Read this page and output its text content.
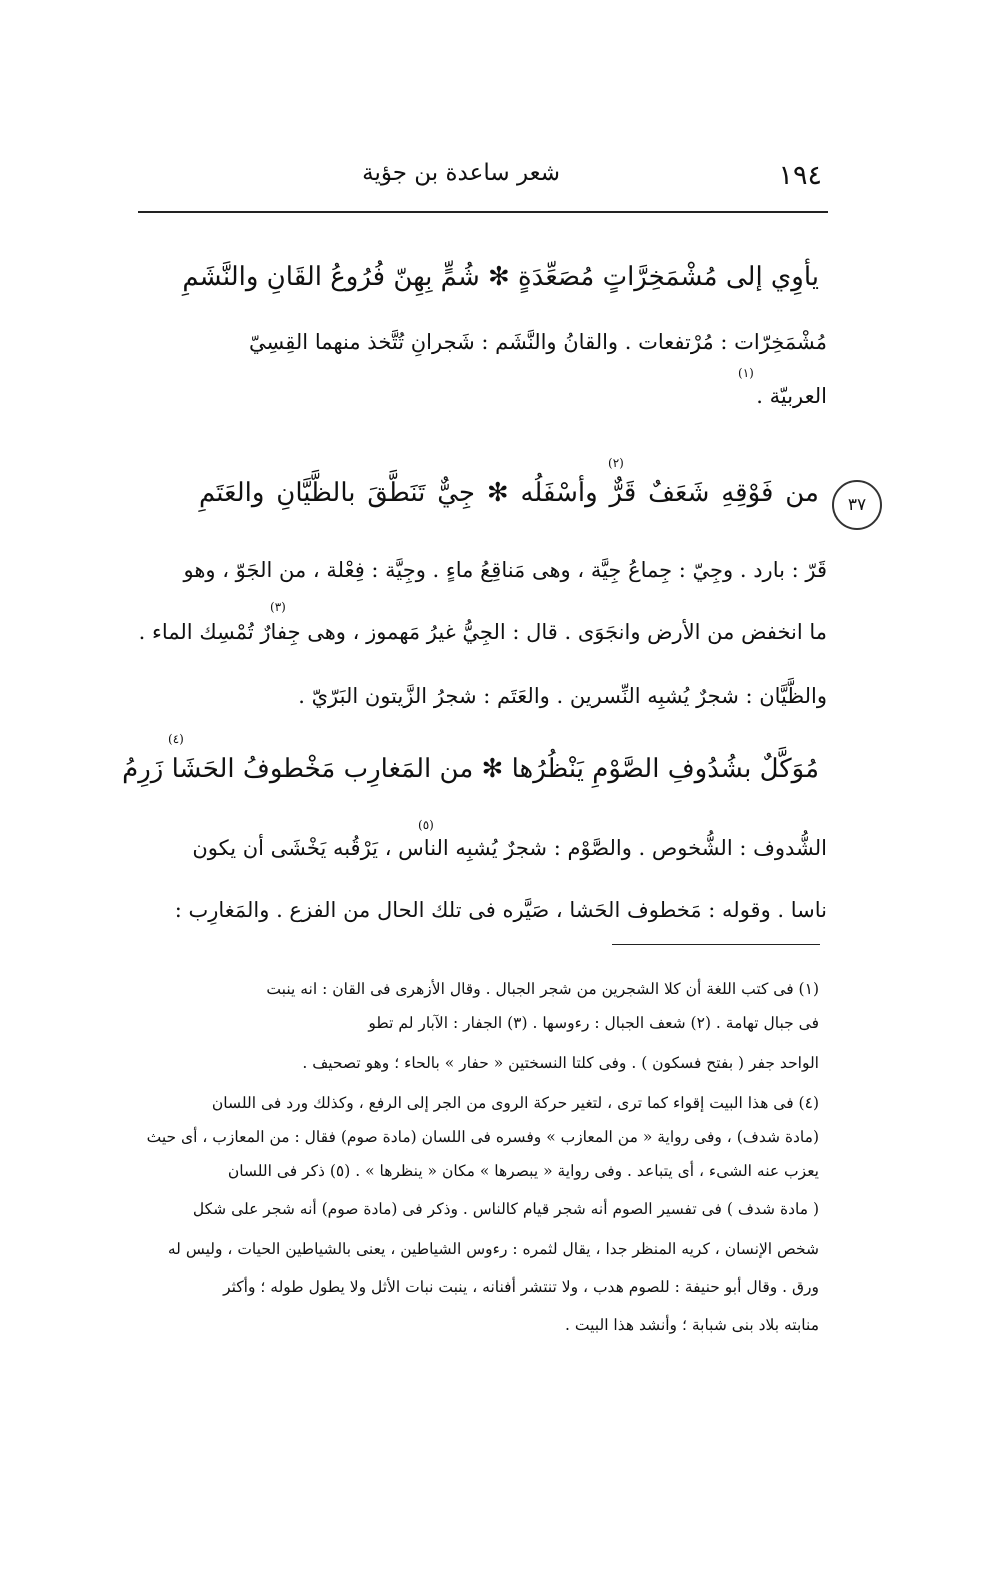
١٩٤
شعر ساعدة بن جؤية
يأوِي إلى مُشْمَخِرَّاتٍ مُصَعِّدَةٍ ✻ شُمٍّ بِهِنّ فُرُوعُ القَانِ والنَّشَمِ
مُشْمَخِرّات : مُرْتفعات . والقانُ والنَّشَم : شَجرانِ تُتَّخذ منهما القِسِيّ
(١)
العربيّة .
٣٧
(٢)
من فَوْقِهِ شَعَفٌ قَرٌّ وأسْفَلُه ✻ جِيٌّ تَنَطَّقَ بالظَّيَّانِ والعَتَمِ
قَرّ : بارد . وجِيّ : جِماعُ جِيَّة ، وهى مَناقِعُ ماءٍ . وجِيَّة : فِعْلة ، من الجَوّ ، وهو
(٣)
ما انخفض من الأرض وانجَوَى . قال : الجِيُّ غيرُ مَهموز ، وهى جِفارٌ تُمْسِك الماء .
والظَّيَّان : شجرٌ يُشبِه النِّسرين . والعَتَم : شجرُ الزَّيتون البَرّيّ .
(٤)
مُوَكَّلٌ بشُدُوفِ الصَّوْمِ يَنْظُرُها ✻ من المَغارِب مَخْطوفُ الحَشَا زَرِمُ
(٥)
الشُّدوف : الشُّخوص . والصَّوْم : شجرٌ يُشبِه الناس ، يَرْقُبه يَخْشَى أن يكون
ناسا . وقوله : مَخطوف الحَشا ، صَيَّره فى تلك الحال من الفزع . والمَغارِب :
(١) فى كتب اللغة أن كلا الشجرين من شجر الجبال . وقال الأزهرى فى القان : انه ينبت
فى جبال تهامة . (٢) شعف الجبال : رءوسها . (٣) الجفار : الآبار لم تطو
الواحد جفر ( بفتح فسكون ) . وفى كلتا النسختين « حفار » بالحاء ؛ وهو تصحيف .
(٤) فى هذا البيت إقواء كما ترى ، لتغير حركة الروى من الجر إلى الرفع ، وكذلك ورد فى اللسان
(مادة شدف) ، وفى رواية « من المعازب » وفسره فى اللسان (مادة صوم) فقال : من المعازب ، أى حيث
يعزب عنه الشىء ، أى يتباعد . وفى رواية « يبصرها » مكان « ينظرها » . (٥) ذكر فى اللسان
( مادة شدف ) فى تفسير الصوم أنه شجر قيام كالناس . وذكر فى (مادة صوم) أنه شجر على شكل
شخص الإنسان ، كريه المنظر جدا ، يقال لثمره : رءوس الشياطين ، يعنى بالشياطين الحيات ، وليس له
ورق . وقال أبو حنيفة : للصوم هدب ، ولا تنتشر أفنانه ، ينبت نبات الأثل ولا يطول طوله ؛ وأكثر
منابته بلاد بنى شبابة ؛ وأنشد هذا البيت .
